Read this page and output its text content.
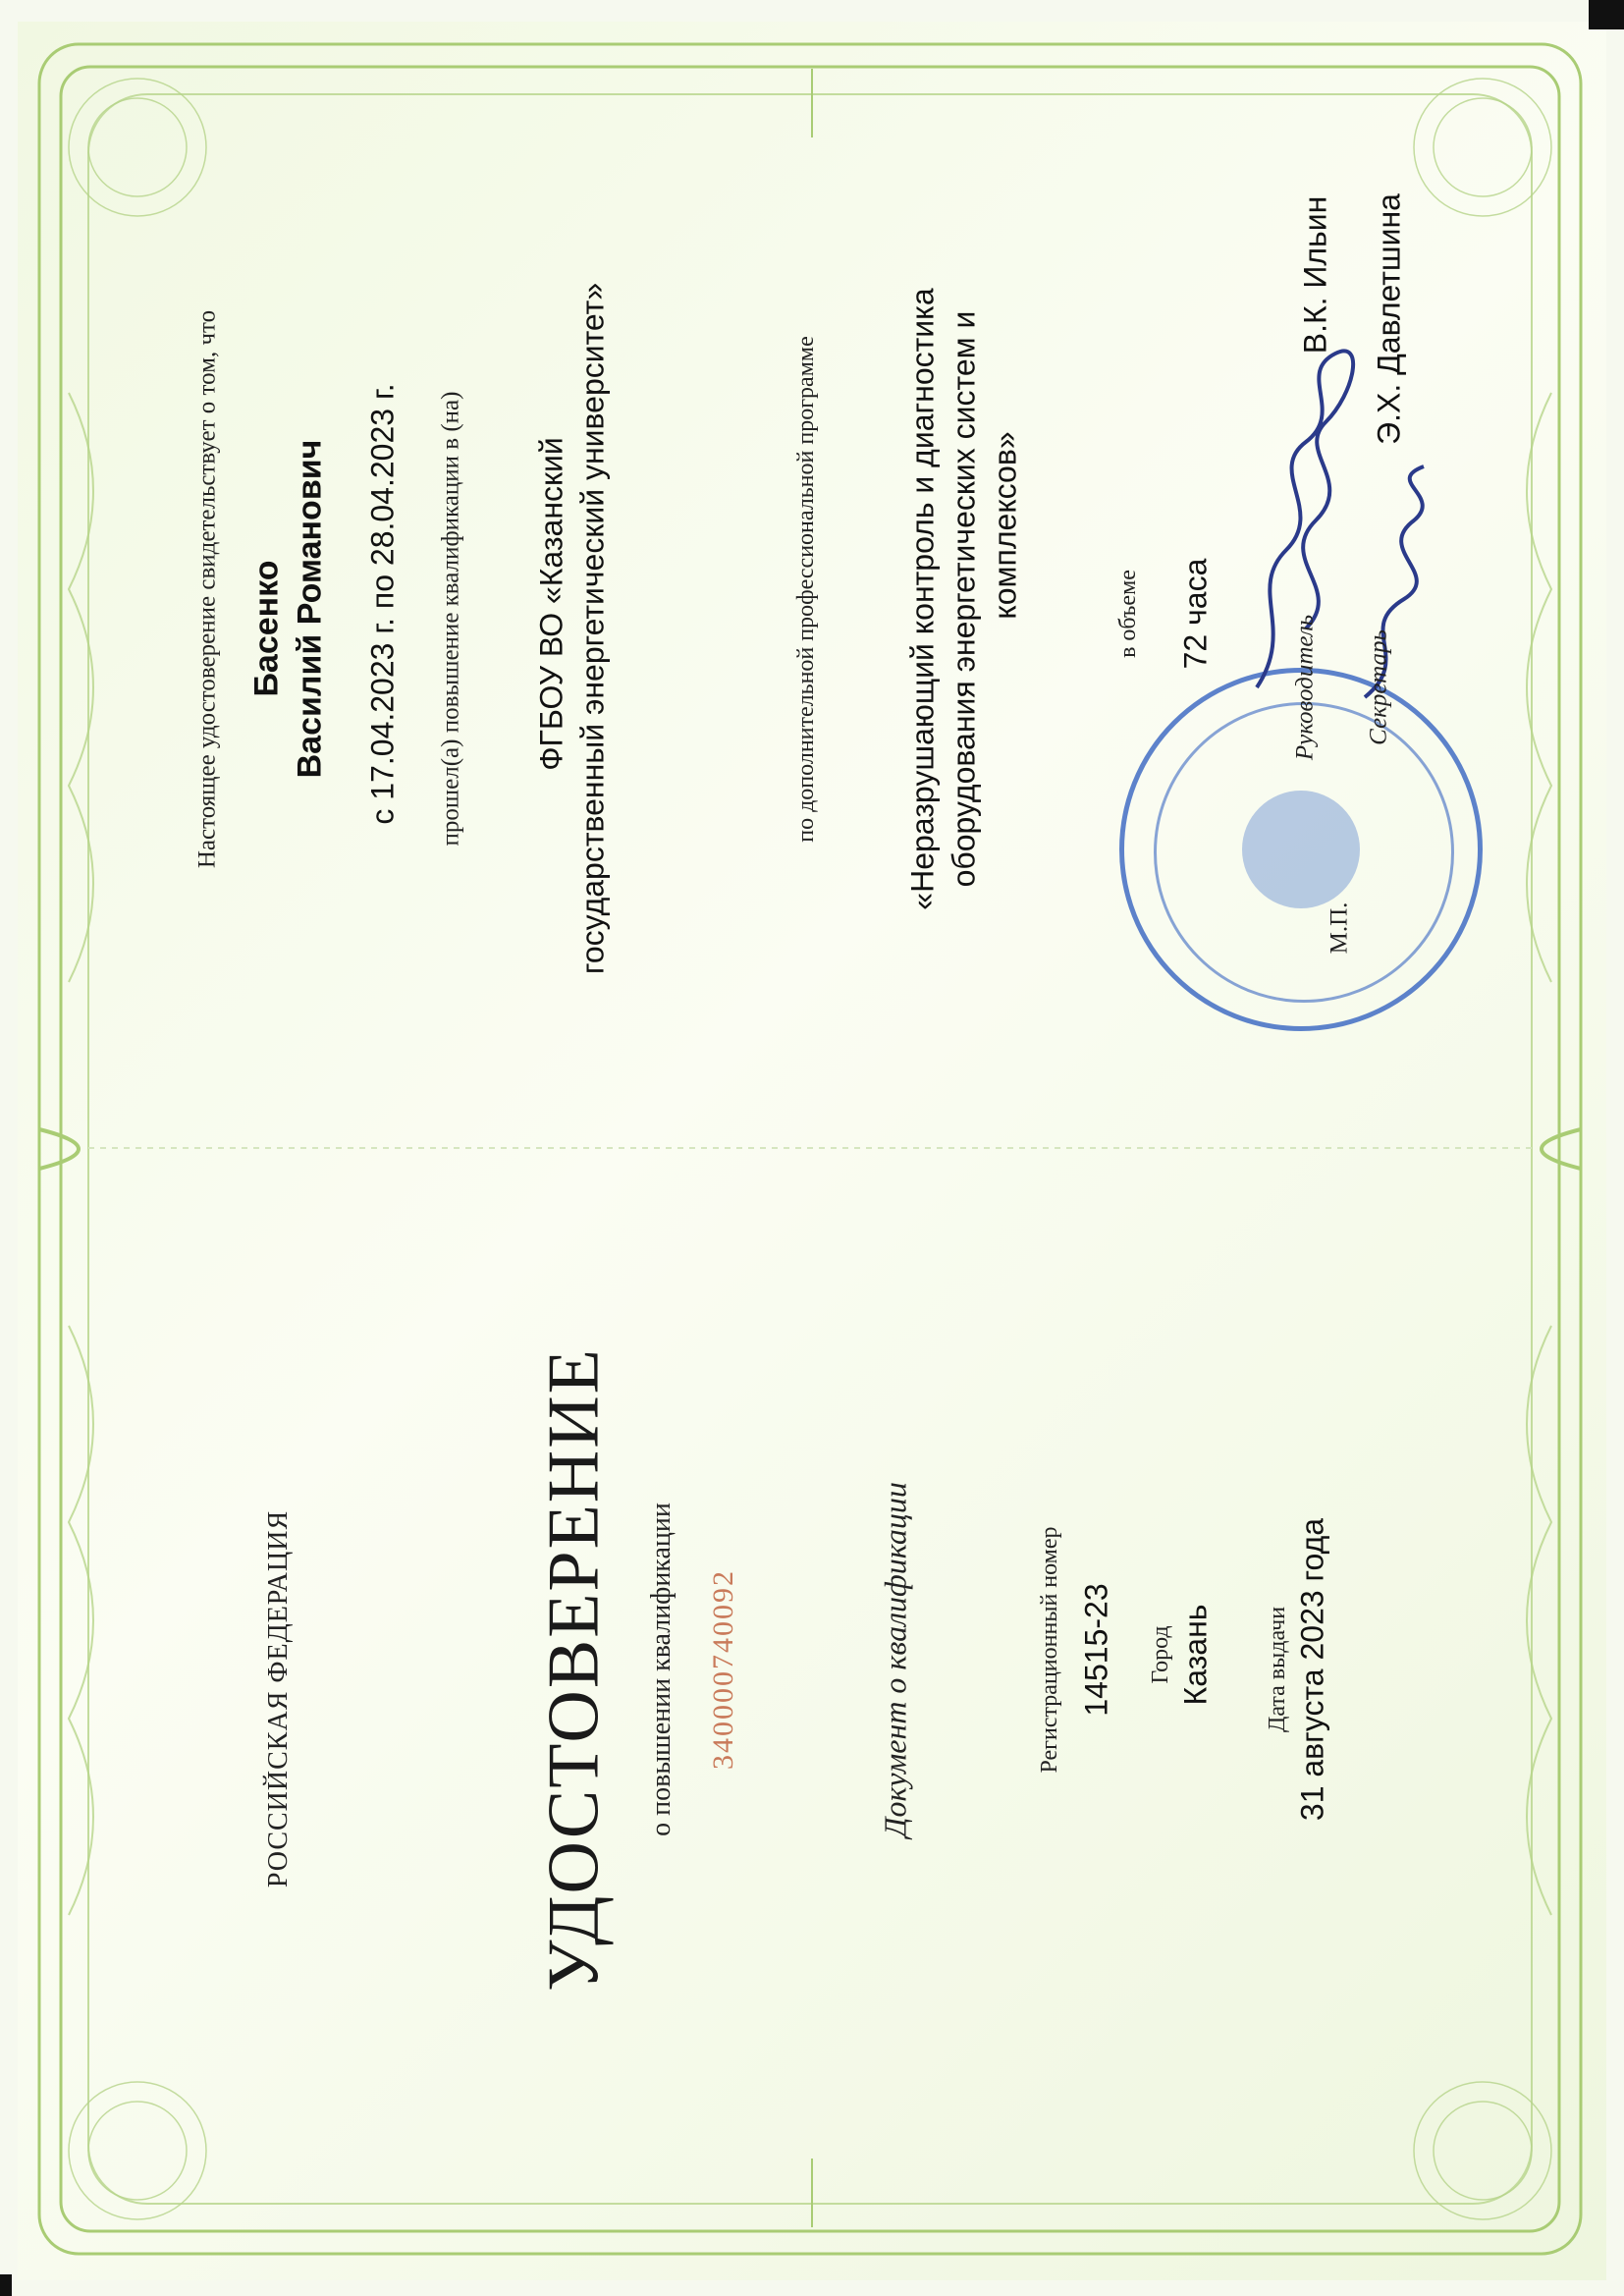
РОССИЙСКАЯ ФЕДЕРАЦИЯ	УДОСТОВЕРЕНИЕ о повышении квалификации 340000740092	Документ о квалификации	Регистрационный номер 14515-23 Город Казань Дата выдачи 31 августа 2023 года
Настоящее удостоверение свидетельствует о том, что Басенко Василий Романович с 17.04.2023 г. по 28.04.2023 г. прошел(а) повышение квалификации в (на) ФГБОУ ВО «Казанский государственный энергетический университет»	по дополнительной профессиональной программе	«Неразрушающий контроль и диагностика оборудования энергетических систем и комплексов»	в объеме 72 часа
Руководитель
В.К. Ильин
Секретарь
Э.Х. Давлетшина
М.П.
